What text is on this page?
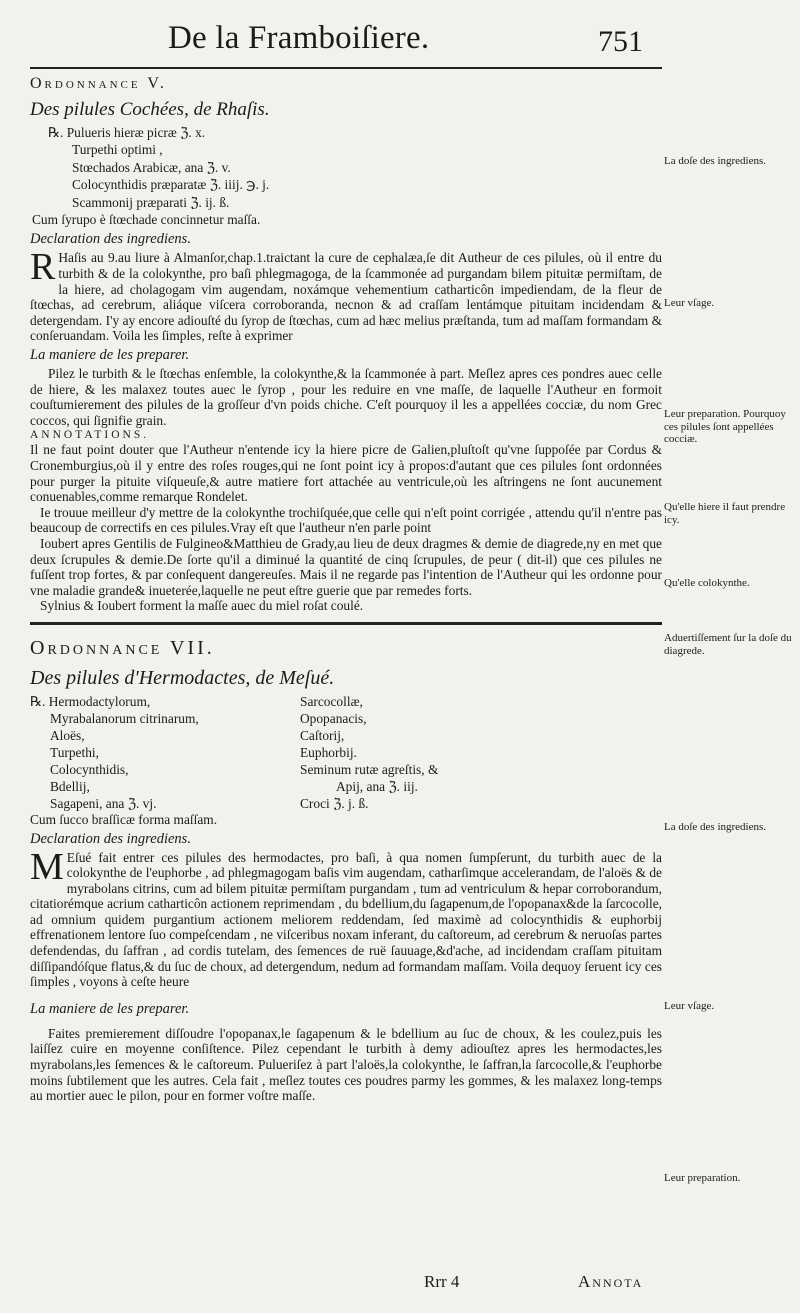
De la Framboiſiere.	751

Ordonnance V.

Des pilules Cochées, de Rhaſis.

℞. Pulueris hieræ picræ ℨ. x.
Turpethi optimi ,
Stœchados Arabicæ, ana ℨ. v.
Colocynthidis præparatæ ℨ. iiij. ℈. j.
Scammonij præparati ℨ. ij. ß.
Cum ſyrupo è ſtœchade concinnetur maſſa.

Declaration des ingrediens.

R Haſis au 9.au liure à Almanſor,chap.1.traictant la cure de cephalæa,ſe dit Autheur de ces pilules, où il entre du turbith & de la colokynthe, pro baſi phlegmagoga, de la ſcammonée ad purgandam bilem pituitæ permiſtam, de la hiere, ad cholagogam vim augendam, noxámque vehementium catharticôn impediendam, de la fleur de ſtœchas, ad cerebrum, aliáque viſcera corroboranda, necnon & ad craſſam lentámque pituitam incidendam & detergendam. I'y ay encore adiouſté du ſyrop de ſtœchas, cum ad hæc melius præſtanda, tum ad maſſam formandam & conſeruandam. Voila les ſimples, reſte à exprimer

La maniere de les preparer.

Pilez le turbith & le ſtœchas enſemble, la colokynthe,& la ſcammonée à part. Meſlez apres ces pondres auec celle de hiere, & les malaxez toutes auec le ſyrop , pour les reduire en vne maſſe, de laquelle l'Autheur en formoit couſtumierement des pilules de la groſſeur d'vn poids chiche. C'eſt pourquoy il les a appellées cocciæ, du nom Grec coccos, qui ſignifie grain.

ANNOTATIONS.

Il ne faut point douter que l'Autheur n'entende icy la hiere picre de Galien,pluſtoſt qu'vne ſuppoſée par Cordus & Cronemburgius,où il y entre des roſes rouges,qui ne ſont point icy à propos:d'autant que ces pilules ſont ordonnées pour purger la pituite viſqueuſe,& autre matiere fort attachée au ventricule,où les aſtringens ne ſont aucunement conuenables,comme remarque Rondelet.

Ie trouue meilleur d'y mettre de la colokynthe trochiſquée,que celle qui n'eſt point corrigée , attendu qu'il n'entre pas beaucoup de correctifs en ces pilules.Vray eſt que l'autheur n'en parle point

Ioubert apres Gentilis de Fulgineo&Matthieu de Grady,au lieu de deux dragmes & demie de diagrede,ny en met que deux ſcrupules & demie.De ſorte qu'il a diminué la quantité de cinq ſcrupules, de peur ( dit-il) que ces pilules ne fuſſent trop fortes, & par conſequent dangereuſes. Mais il ne regarde pas l'intention de l'Autheur qui les ordonne pour vne maladie grande& inueterée,laquelle ne peut eſtre guerie que par remedes forts.

Sylnius & Ioubert forment la maſſe auec du miel roſat coulé.

Ordonnance VII.

Des pilules d'Hermodactes, de Meſué.

℞. Hermodactylorum,
Myrabalanorum citrinarum,
Aloës,
Turpethi,
Colocynthidis,
Bdellij,
Sagapeni, ana ℨ. vj.
Sarcocollæ,
Opopanacis,
Caſtorij,
Euphorbij.
Seminum rutæ agreſtis, &
Apij, ana ℨ. iij.
Croci ℨ. j. ß.

Cum ſucco braſſicæ forma maſſam.

Declaration des ingrediens.

M Eſué fait entrer ces pilules des hermodactes, pro baſi, à qua nomen ſumpſerunt, du turbith auec de la colokynthe de l'euphorbe , ad phlegmagogam baſis vim augendam, catharſimque accelerandam, de l'aloës & de myrabolans citrins, cum ad bilem pituitæ permiſtam purgandam , tum ad ventriculum & hepar corroborandum, citatiorémque acrium catharticôn actionem reprimendam , du bdellium,du ſagapenum,de l'opopanax&de la ſarcocolle, ad omnium quidem purgantium actionem meliorem reddendam, ſed maximè ad colocynthidis & euphorbij effrenationem lentore ſuo compeſcendam , ne viſceribus noxam inferant, du caſtoreum, ad cerebrum & neruoſas partes defendendas, du ſaffran , ad cordis tutelam, des ſemences de ruë ſauuage,&d'ache, ad incidendam craſſam pituitam diſſipandóſque flatus,& du ſuc de choux, ad detergendum, nedum ad formandam maſſam. Voila dequoy ſeruent icy ces ſimples , voyons à ceſte heure

La maniere de les preparer.

Faites premierement diſſoudre l'opopanax,le ſagapenum & le bdellium au ſuc de choux, & les coulez,puis les laiſſez cuire en moyenne conſiſtence. Pilez cependant le turbith à demy adiouſtez apres les hermodactes,les myrabolans,les ſemences & le caſtoreum. Pulueriſez à part l'aloës,la colokynthe, le ſaffran,la ſarcocolle,& l'euphorbe moins ſubtilement que les autres. Cela fait , meſlez toutes ces poudres parmy les gommes, & les malaxez long-temps au mortier auec le pilon, pour en former voſtre maſſe.

La doſe des ingrediens.
Leur vſage.
Leur preparation. Pourquoy ces pilules ſont appellées cocciæ.
Qu'elle hiere il faut prendre icy.
Qu'elle colokynthe.
Aduertiſſement ſur la doſe du diagrede.
La doſe des ingrediens.
Leur vſage.
Leur preparation.
Rrr 4	Annota
